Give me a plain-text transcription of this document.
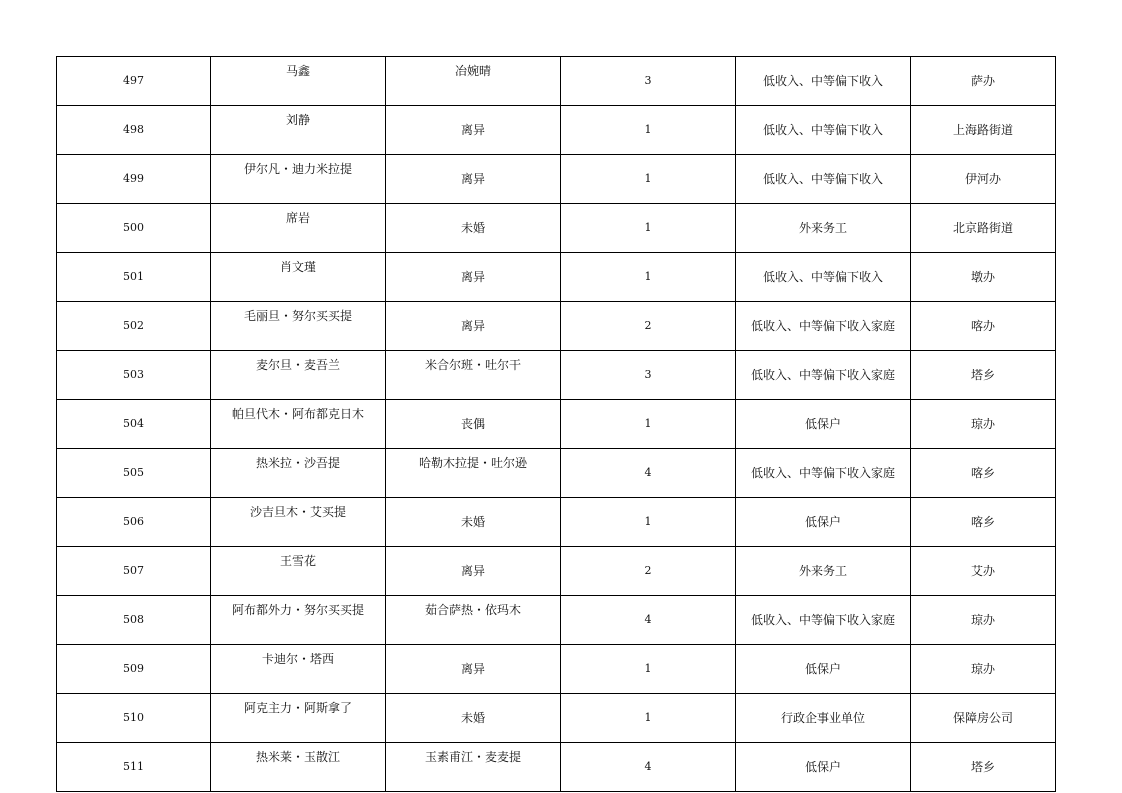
497	马鑫	冶婉晴	3	低收入、中等偏下收入	萨办
498	刘静	离异	1	低收入、中等偏下收入	上海路街道
499	伊尔凡・迪力米拉提	离异	1	低收入、中等偏下收入	伊河办
500	席岩	未婚	1	外来务工	北京路街道
501	肖文瑾	离异	1	低收入、中等偏下收入	墩办
502	毛丽旦・努尔买买提	离异	2	低收入、中等偏下收入家庭	喀办
503	麦尔旦・麦吾兰	米合尔班・吐尔干	3	低收入、中等偏下收入家庭	塔乡
504	帕旦代木・阿布都克日木	丧偶	1	低保户	琼办
505	热米拉・沙吾提	哈勒木拉提・吐尔逊	4	低收入、中等偏下收入家庭	喀乡
506	沙吉旦木・艾买提	未婚	1	低保户	喀乡
507	王雪花	离异	2	外来务工	艾办
508	阿布都外力・努尔买买提	茹合萨热・依玛木	4	低收入、中等偏下收入家庭	琼办
509	卡迪尔・塔西	离异	1	低保户	琼办
510	阿克主力・阿斯拿了	未婚	1	行政企事业单位	保障房公司
511	热米莱・玉散江	玉素甫江・麦麦提	4	低保户	塔乡
